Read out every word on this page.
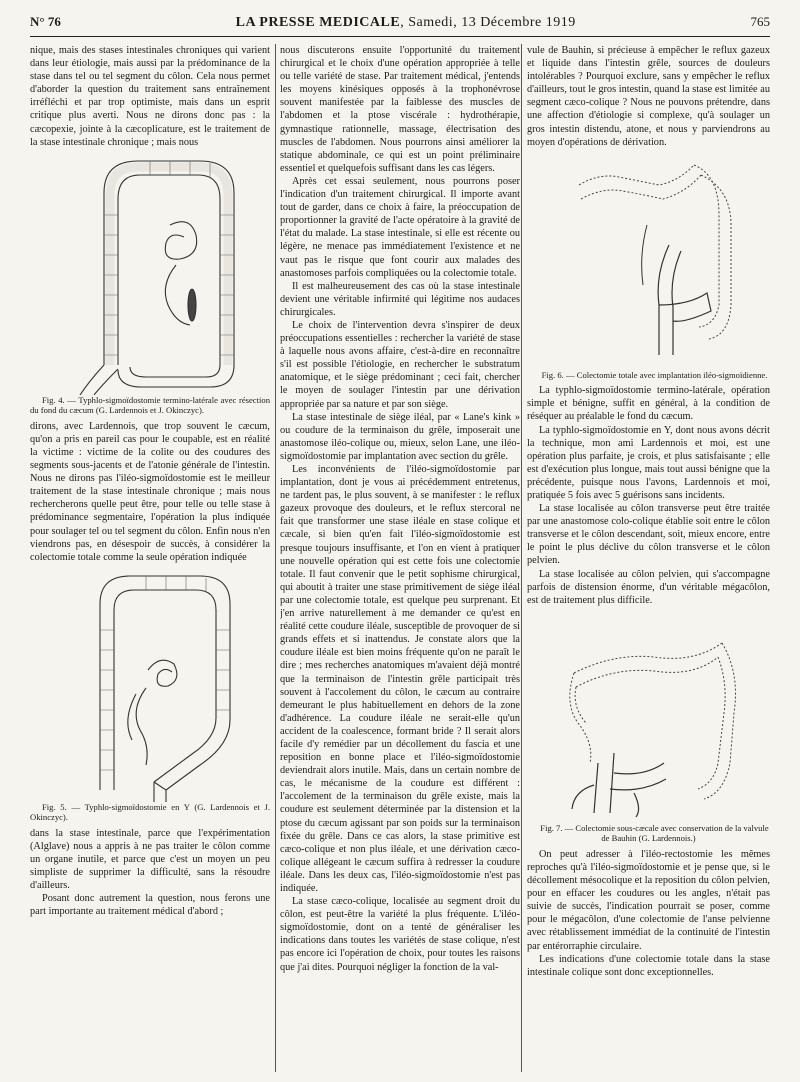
N° 76	LA PRESSE MEDICALE, Samedi, 13 Décembre 1919	765

nique, mais des stases intestinales chroniques qui varient dans leur étiologie, mais aussi par la prédominance de la stase dans tel ou tel segment du côlon. Cela nous permet d'aborder la question du traitement sans entraînement irréfléchi et par trop optimiste, mais dans un esprit critique plus averti. Nous ne dirons donc pas : la cæcopexie, jointe à la cæcoplicature, est le traitement de la stase intestinale chronique ; mais nous

Fig. 4. — Typhlo-sigmoïdostomie termino-latérale avec résection du fond du cæcum (G. Lardennois et J. Okinczyc).

dirons, avec Lardennois, que trop souvent le cæcum, qu'on a pris en pareil cas pour le coupable, est en réalité la victime : victime de la colite ou des coudures des segments sous-jacents et de l'atonie générale de l'intestin. Nous ne dirons pas l'iléo-sigmoïdostomie est le meilleur traitement de la stase intestinale chronique ; mais nous rechercherons quelle peut être, pour telle ou telle stase à prédominance segmentaire, l'opération la plus indiquée pour soulager tel ou tel segment du côlon. Enfin nous n'en viendrons pas, en désespoir de succès, à considérer la colectomie totale comme la seule opération indiquée

Fig. 5. — Typhlo-sigmoïdostomie en Y (G. Lardennois et J. Okinczyc).

dans la stase intestinale, parce que l'expérimentation (Alglave) nous a appris à ne pas traiter le côlon comme un organe inutile, et parce que c'est un moyen un peu simpliste de supprimer la difficulté, sans la résoudre d'ailleurs.

Posant donc autrement la question, nous ferons une part importante au traitement médical d'abord ;

nous discuterons ensuite l'opportunité du traitement chirurgical et le choix d'une opération appropriée à telle ou telle variété de stase. Par traitement médical, j'entends les moyens kinésiques opposés à la trophonévrose souvent manifestée par la faiblesse des muscles de l'abdomen et la ptose viscérale : hydrothérapie, gymnastique rationnelle, massage, électrisation des muscles de l'abdomen. Nous pourrons ainsi améliorer la statique abdominale, ce qui est un point préliminaire essentiel et quelquefois suffisant dans les cas légers.

Après cet essai seulement, nous pourrons poser l'indication d'un traitement chirurgical. Il importe avant tout de garder, dans ce choix à faire, la préoccupation de proportionner la gravité de l'acte opératoire à la gravité de l'état du malade. La stase intestinale, si elle est récente ou légère, ne menace pas immédiatement l'existence et ne vaut pas le risque que font courir aux malades des anastomoses parfois compliquées ou la colectomie totale.

Il est malheureusement des cas où la stase intestinale devient une véritable infirmité qui légitime nos audaces chirurgicales.

Le choix de l'intervention devra s'inspirer de deux préoccupations essentielles : rechercher la variété de stase à laquelle nous avons affaire, c'est-à-dire en reconnaître s'il est possible l'étiologie, en rechercher le substratum anatomique, et le siège prédominant ; ceci fait, chercher le moyen de soulager l'intestin par une dérivation appropriée par sa nature et par son siège.

La stase intestinale de siège iléal, par « Lane's kink » ou coudure de la terminaison du grêle, imposerait une anastomose iléo-colique ou, mieux, selon Lane, une iléo-sigmoïdostomie par implantation avec section du grêle.

Les inconvénients de l'iléo-sigmoïdostomie par implantation, dont je vous ai précédemment entretenus, ne tardent pas, le plus souvent, à se manifester : le reflux gazeux provoque des douleurs, et le reflux stercoral ne fait que transformer une stase iléale en stase colique et cæcale, si bien qu'en fait l'iléo-sigmoïdostomie est presque toujours insuffisante, et l'on en vient à pratiquer une nouvelle opération qui est cette fois une colectomie totale. Il faut convenir que le petit sophisme chirurgical, qui aboutit à traiter une stase primitivement de siège iléal par une colectomie totale, est quelque peu surprenant. Et j'en arrive naturellement à me demander ce qu'est en réalité cette coudure iléale, susceptible de provoquer de si grands effets et si inattendus. Je constate alors que la coudure iléale est bien moins fréquente qu'on ne paraît le dire ; mes recherches anatomiques m'avaient déjà montré que la terminaison de l'intestin grêle participait très souvent à l'accolement du côlon, le cæcum au contraire demeurant le plus habituellement en dehors de la zone d'adhérence. La coudure iléale ne serait-elle qu'un accident de la coalescence, formant bride ? Il serait alors facile d'y remédier par un décollement du fascia et une reposition en bonne place et l'iléo-sigmoïdostomie deviendrait alors inutile. Mais, dans un certain nombre de cas, le mécanisme de la coudure est différent : l'accolement de la terminaison du grêle existe, mais la coudure est seulement déterminée par la distension et la ptose du cæcum agissant par son poids sur la terminaison fixée du grêle. Dans ce cas alors, la stase primitive est cæco-colique et non plus iléale, et une dérivation cæco-colique allégeant le cæcum suffira à redresser la coudure iléale. Dans les deux cas, l'iléo-sigmoïdostomie n'est pas indiquée.

La stase cæco-colique, localisée au segment droit du côlon, est peut-être la variété la plus fréquente. L'iléo-sigmoïdostomie, dont on a tenté de généraliser les indications dans toutes les variétés de stase colique, n'est pas encore ici l'opération de choix, pour toutes les raisons que j'ai dites. Pourquoi négliger la fonction de la val-

vule de Bauhin, si précieuse à empêcher le reflux gazeux et liquide dans l'intestin grêle, sources de douleurs intolérables ? Pourquoi exclure, sans y empêcher le reflux d'ailleurs, tout le gros intestin, quand la stase est limitée au segment cæco-colique ? Nous ne pouvons prétendre, dans une affection d'étiologie si complexe, qu'à soulager un gros intestin distendu, atone, et nous y parviendrons au moyen d'opérations de dérivation.

Fig. 6. — Colectomie totale avec implantation iléo-sigmoïdienne.

La typhlo-sigmoïdostomie termino-latérale, opération simple et bénigne, suffit en général, à la condition de réséquer au préalable le fond du cæcum.

La typhlo-sigmoïdostomie en Y, dont nous avons décrit la technique, mon ami Lardennois et moi, est une opération plus parfaite, je crois, et plus satisfaisante ; elle est d'exécution plus longue, mais tout aussi bénigne que la précédente, puisque nous l'avons, Lardennois et moi, pratiquée 5 fois avec 5 guérisons sans incidents.

La stase localisée au côlon transverse peut être traitée par une anastomose colo-colique établie soit entre le côlon transverse et le côlon descendant, soit, mieux encore, entre le point le plus déclive du côlon transverse et le côlon pelvien.

La stase localisée au côlon pelvien, qui s'accompagne parfois de distension énorme, d'un véritable mégacôlon, est de traitement plus difficile.

Fig. 7. — Colectomie sous-cæcale avec conservation de la valvule de Bauhin (G. Lardennois.)

On peut adresser à l'iléo-rectostomie les mêmes reproches qu'à l'iléo-sigmoïdostomie et je pense que, si le décollement mésocolique et la reposition du côlon pelvien, pour en effacer les coudures ou les angles, n'était pas suivie de succès, l'indication pourrait se poser, comme pour le mégacôlon, d'une colectomie de l'anse pelvienne avec rétablissement immédiat de la continuité de l'intestin par entérorraphie circulaire.

Les indications d'une colectomie totale dans la stase intestinale colique sont donc exceptionnelles.
